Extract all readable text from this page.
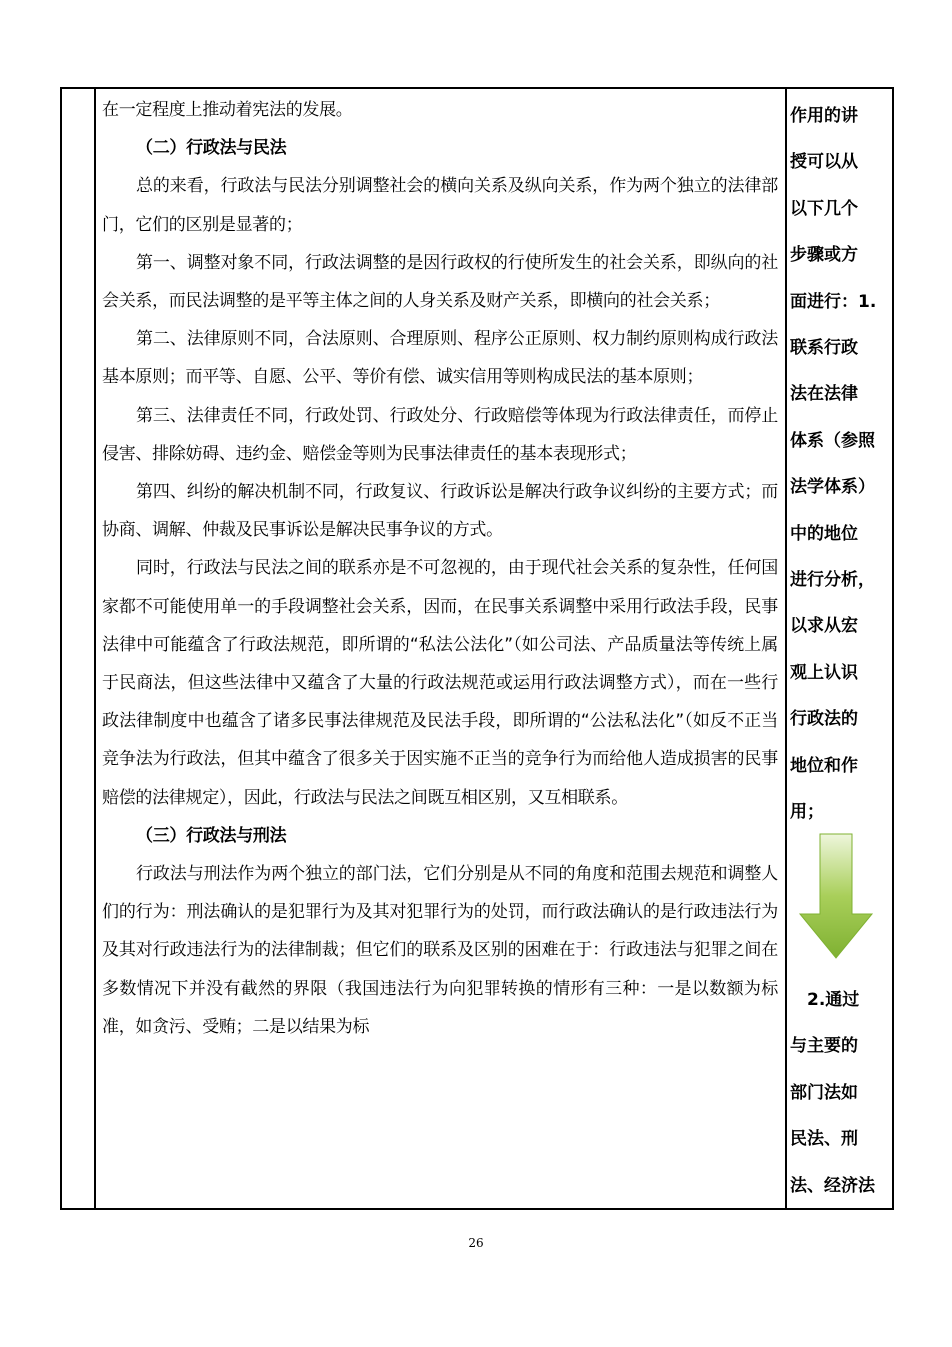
在一定程度上推动着宪法的发展。

（二）行政法与民法

总的来看，行政法与民法分别调整社会的横向关系及纵向关系，作为两个独立的法律部门，它们的区别是显著的；

第一、调整对象不同，行政法调整的是因行政权的行使所发生的社会关系，即纵向的社会关系，而民法调整的是平等主体之间的人身关系及财产关系，即横向的社会关系；

第二、法律原则不同，合法原则、合理原则、程序公正原则、权力制约原则构成行政法基本原则；而平等、自愿、公平、等价有偿、诚实信用等则构成民法的基本原则；

第三、法律责任不同，行政处罚、行政处分、行政赔偿等体现为行政法律责任，而停止侵害、排除妨碍、违约金、赔偿金等则为民事法律责任的基本表现形式；

第四、纠纷的解决机制不同，行政复议、行政诉讼是解决行政争议纠纷的主要方式；而协商、调解、仲裁及民事诉讼是解决民事争议的方式。

同时，行政法与民法之间的联系亦是不可忽视的，由于现代社会关系的复杂性，任何国家都不可能使用单一的手段调整社会关系，因而，在民事关系调整中采用行政法手段，民事法律中可能蕴含了行政法规范，即所谓的“私法公法化”（如公司法、产品质量法等传统上属于民商法，但这些法律中又蕴含了大量的行政法规范或运用行政法调整方式），而在一些行政法律制度中也蕴含了诸多民事法律规范及民法手段，即所谓的“公法私法化”（如反不正当竞争法为行政法，但其中蕴含了很多关于因实施不正当的竞争行为而给他人造成损害的民事赔偿的法律规定），因此，行政法与民法之间既互相区别，又互相联系。

（三）行政法与刑法

行政法与刑法作为两个独立的部门法，它们分别是从不同的角度和范围去规范和调整人们的行为：刑法确认的是犯罪行为及其对犯罪行为的处罚，而行政法确认的是行政违法行为及其对行政违法行为的法律制裁；但它们的联系及区别的困难在于：行政违法与犯罪之间在多数情况下并没有截然的界限（我国违法行为向犯罪转换的情形有三种：一是以数额为标准，如贪污、受贿；二是以结果为标

作用的讲

授可以从

以下几个

步骤或方

面进行：1.

联系行政

法在法律

体系（参照

法学体系）

中的地位

进行分析，

以求从宏

观上认识

行政法的

地位和作

用；

　2.通过

与主要的

部门法如

民法、刑

法、经济法

26
